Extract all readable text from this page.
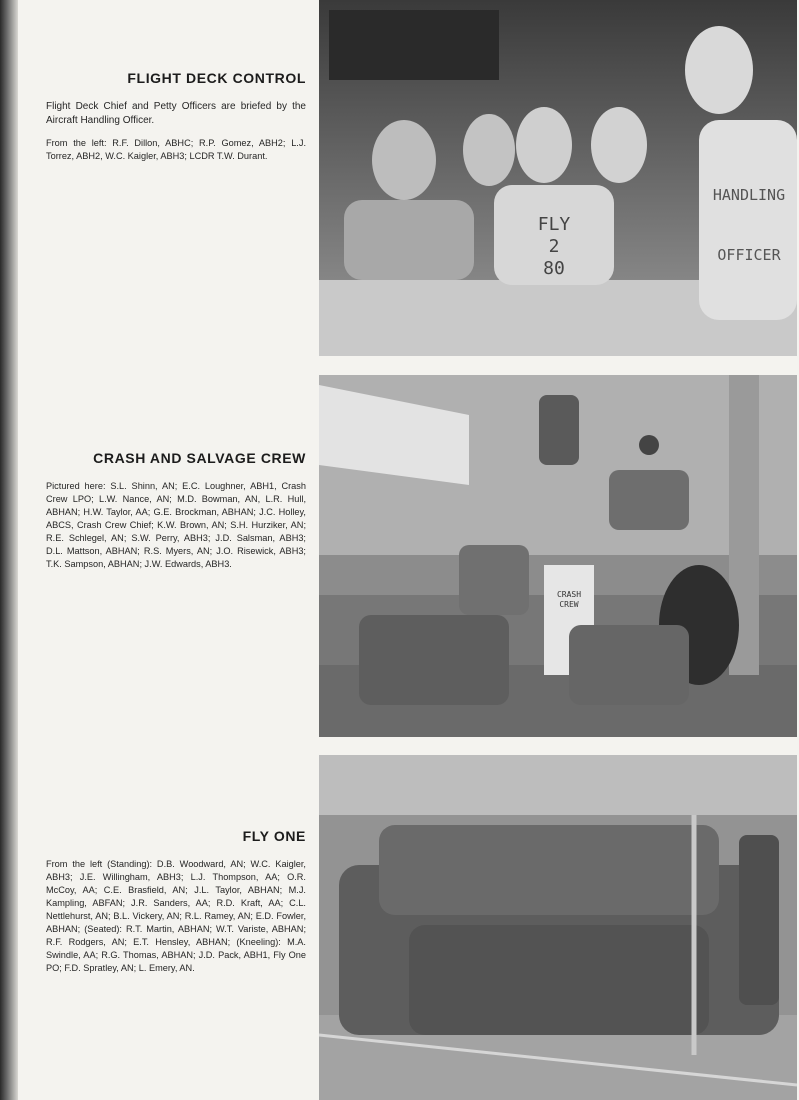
FLIGHT DECK CONTROL

Flight Deck Chief and Petty Officers are briefed by the Aircraft Handling Officer.

From the left: R.F. Dillon, ABHC; R.P. Gomez, ABH2; L.J. Torrez, ABH2, W.C. Kaigler, ABH3; LCDR T.W. Durant.

FLY
2
80
HANDLING
OFFICER
CRASH AND SALVAGE CREW

Pictured here: S.L. Shinn, AN; E.C. Loughner, ABH1, Crash Crew LPO; L.W. Nance, AN; M.D. Bowman, AN, L.R. Hull, ABHAN; H.W. Taylor, AA; G.E. Brockman, ABHAN; J.C. Holley, ABCS, Crash Crew Chief; K.W. Brown, AN; S.H. Hurziker, AN; R.E. Schlegel, AN; S.W. Perry, ABH3; J.D. Salsman, ABH3; D.L. Mattson, ABHAN; R.S. Myers, AN; J.O. Risewick, ABH3; T.K. Sampson, ABHAN; J.W. Edwards, ABH3.

CRASH
CREW
FLY ONE

From the left (Standing): D.B. Woodward, AN; W.C. Kaigler, ABH3; J.E. Willingham, ABH3; L.J. Thompson, AA; O.R. McCoy, AA; C.E. Brasfield, AN; J.L. Taylor, ABHAN; M.J. Kampling, ABFAN; J.R. Sanders, AA; R.D. Kraft, AA; C.L. Nettlehurst, AN; B.L. Vickery, AN; R.L. Ramey, AN; E.D. Fowler, ABHAN; (Seated): R.T. Martin, ABHAN; W.T. Variste, ABHAN; R.F. Rodgers, AN; E.T. Hensley, ABHAN; (Kneeling): M.A. Swindle, AA; R.G. Thomas, ABHAN; J.D. Pack, ABH1, Fly One PO; F.D. Spratley, AN; L. Emery, AN.
